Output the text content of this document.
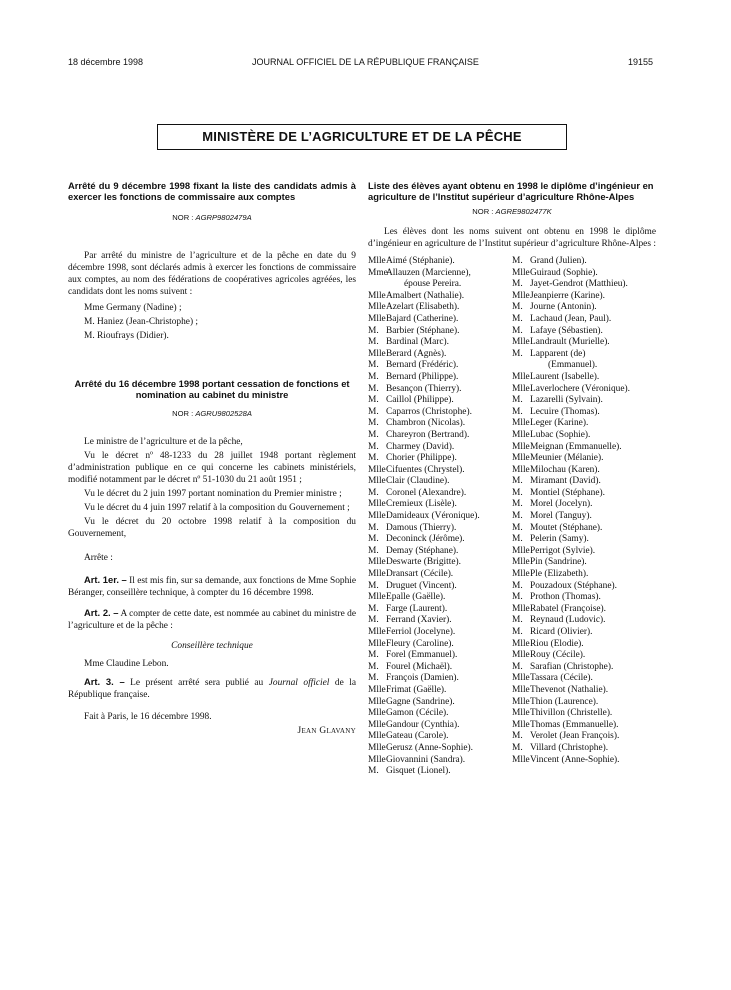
18 décembre 1998	JOURNAL OFFICIEL DE LA RÉPUBLIQUE FRANÇAISE	19155
MINISTÈRE DE L’AGRICULTURE ET DE LA PÊCHE
Arrêté du 9 décembre 1998 fixant la liste des candidats admis à exercer les fonctions de commissaire aux comptes
NOR : AGRP9802479A

Par arrêté du ministre de l’agriculture et de la pêche en date du 9 décembre 1998, sont déclarés admis à exercer les fonctions de commissaire aux comptes, au nom des fédérations de coopératives agricoles agréées, les candidats dont les noms suivent :

Mme Germany (Nadine) ;

M. Haniez (Jean-Christophe) ;

M. Rioufrays (Didier).

Arrêté du 16 décembre 1998 portant cessation de fonctions et nomination au cabinet du ministre
NOR : AGRU9802528A

Le ministre de l’agriculture et de la pêche,

Vu le décret nº 48-1233 du 28 juillet 1948 portant règlement d’administration publique en ce qui concerne les cabinets ministériels, modifié notamment par le décret nº 51-1030 du 21 août 1951 ;

Vu le décret du 2 juin 1997 portant nomination du Premier ministre ;

Vu le décret du 4 juin 1997 relatif à la composition du Gouvernement ;

Vu le décret du 20 octobre 1998 relatif à la composition du Gouvernement,

Arrête :

Art. 1er. – Il est mis fin, sur sa demande, aux fonctions de Mme Sophie Béranger, conseillère technique, à compter du 16 décembre 1998.

Art. 2. – A compter de cette date, est nommée au cabinet du ministre de l’agriculture et de la pêche :

Conseillère technique

Mme Claudine Lebon.

Art. 3. – Le présent arrêté sera publié au Journal officiel de la République française.

Fait à Paris, le 16 décembre 1998.

Jean Glavany

Liste des élèves ayant obtenu en 1998 le diplôme d’ingénieur en agriculture de l’Institut supérieur d’agriculture Rhône-Alpes
NOR : AGRE9802477K

Les élèves dont les noms suivent ont obtenu en 1998 le diplôme d’ingénieur en agriculture de l’Institut supérieur d’agriculture Rhône-Alpes :

MlleAimé (Stéphanie).
MmeAllauzen (Marcienne),
épouse Pereira.
MlleAmalbert (Nathalie).
MlleAzelart (Elisabeth).
MlleBajard (Catherine).
M. Barbier (Stéphane).
M. Bardinal (Marc).
MlleBerard (Agnès).
M. Bernard (Frédéric).
M. Bernard (Philippe).
M. Besançon (Thierry).
M. Caillol (Philippe).
M. Caparros (Christophe).
M. Chambron (Nicolas).
M. Chareyron (Bertrand).
M. Charmey (David).
M. Chorier (Philippe).
MlleCifuentes (Chrystel).
MlleClair (Claudine).
M. Coronel (Alexandre).
MlleCremieux (Lisèle).
MlleDamideaux (Véronique).
M. Damous (Thierry).
M. Deconinck (Jérôme).
M. Demay (Stéphane).
MlleDeswarte (Brigitte).
MlleDransart (Cécile).
M. Druguet (Vincent).
MlleEpalle (Gaëlle).
M. Farge (Laurent).
M. Ferrand (Xavier).
MlleFerriol (Jocelyne).
MlleFleury (Caroline).
M. Forel (Emmanuel).
M. Fourel (Michaël).
M. François (Damien).
MlleFrimat (Gaëlle).
MlleGagne (Sandrine).
MlleGamon (Cécile).
MlleGandour (Cynthia).
MlleGateau (Carole).
MlleGerusz (Anne-Sophie).
MlleGiovannini (Sandra).
M. Gisquet (Lionel).
M. Grand (Julien).
MlleGuiraud (Sophie).
M. Jayet-Gendrot (Matthieu).
MlleJeanpierre (Karine).
M. Journe (Antonin).
M. Lachaud (Jean, Paul).
M. Lafaye (Sébastien).
MlleLandrault (Murielle).
M. Lapparent (de)
(Emmanuel).
MlleLaurent (Isabelle).
MlleLaverlochere (Véronique).
M. Lazarelli (Sylvain).
M. Lecuire (Thomas).
MlleLeger (Karine).
MlleLubac (Sophie).
MlleMeignan (Emmanuelle).
MlleMeunier (Mélanie).
MlleMilochau (Karen).
M. Miramant (David).
M. Montiel (Stéphane).
M. Morel (Jocelyn).
M. Morel (Tanguy).
M. Moutet (Stéphane).
M. Pelerin (Samy).
MllePerrigot (Sylvie).
MllePin (Sandrine).
MllePle (Elizabeth).
M. Pouzadoux (Stéphane).
M. Prothon (Thomas).
MlleRabatel (Françoise).
M. Reynaud (Ludovic).
M. Ricard (Olivier).
MlleRiou (Elodie).
MlleRouy (Cécile).
M. Sarafian (Christophe).
MlleTassara (Cécile).
MlleThevenot (Nathalie).
MlleThion (Laurence).
MlleThivillon (Christelle).
MlleThomas (Emmanuelle).
M. Verolet (Jean François).
M. Villard (Christophe).
MlleVincent (Anne-Sophie).
